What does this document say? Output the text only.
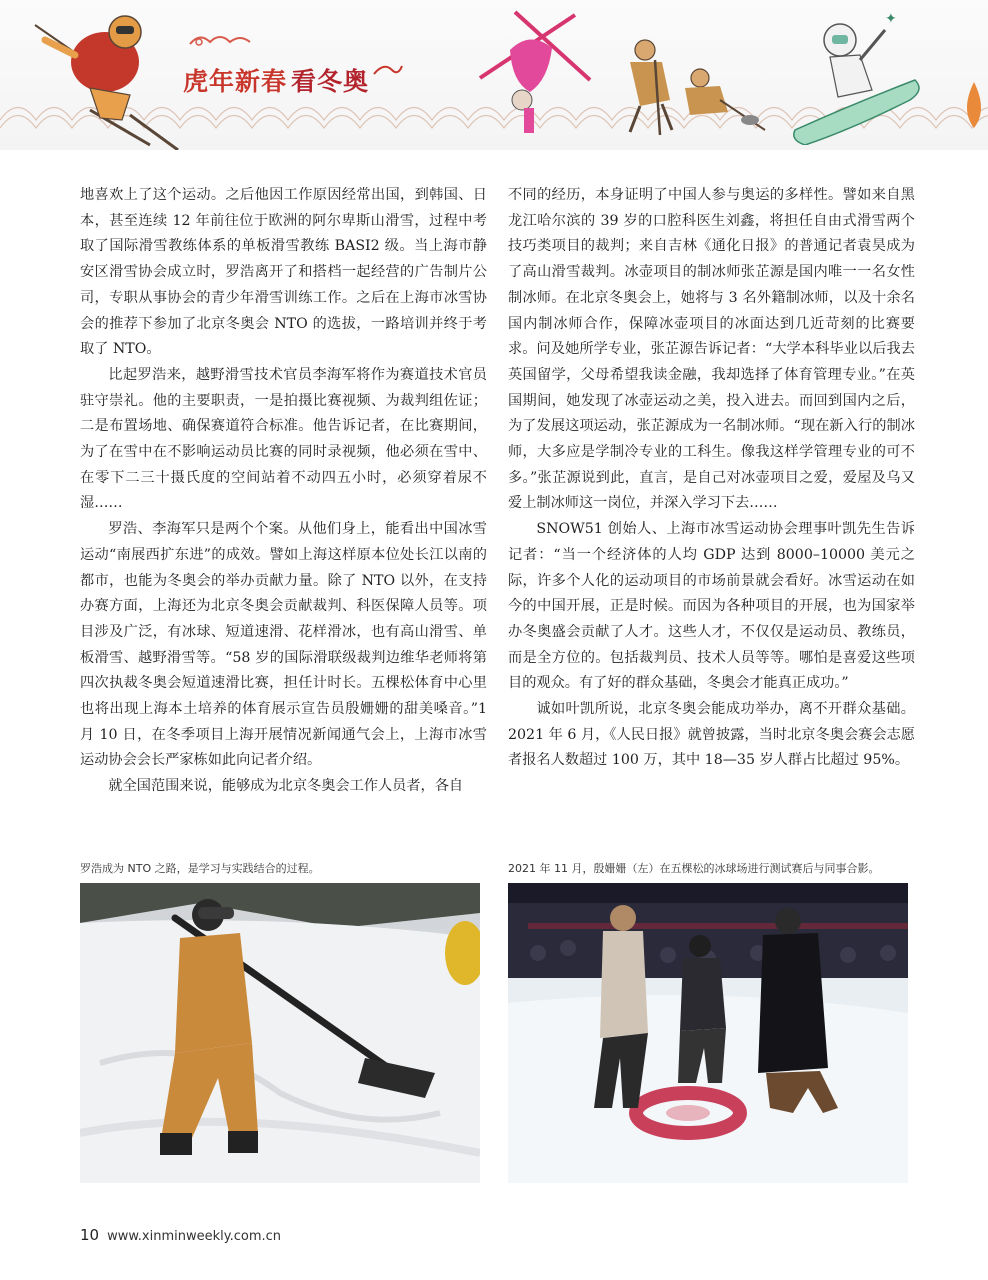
虎年新春 看冬奥
✦

地喜欢上了这个运动。之后他因工作原因经常出国，到韩国、日本，甚至连续 12 年前往位于欧洲的阿尔卑斯山滑雪，过程中考取了国际滑雪教练体系的单板滑雪教练 BASI2 级。当上海市静安区滑雪协会成立时，罗浩离开了和搭档一起经营的广告制片公司，专职从事协会的青少年滑雪训练工作。之后在上海市冰雪协会的推荐下参加了北京冬奥会 NTO 的选拔，一路培训并终于考取了 NTO。

比起罗浩来，越野滑雪技术官员李海军将作为赛道技术官员驻守崇礼。他的主要职责，一是拍摄比赛视频、为裁判组佐证；二是布置场地、确保赛道符合标准。他告诉记者，在比赛期间，为了在雪中在不影响运动员比赛的同时录视频，他必须在雪中、在零下二三十摄氏度的空间站着不动四五小时，必须穿着尿不湿……

罗浩、李海军只是两个个案。从他们身上，能看出中国冰雪运动“南展西扩东进”的成效。譬如上海这样原本位处长江以南的都市，也能为冬奥会的举办贡献力量。除了 NTO 以外，在支持办赛方面，上海还为北京冬奥会贡献裁判、科医保障人员等。项目涉及广泛，有冰球、短道速滑、花样滑冰，也有高山滑雪、单板滑雪、越野滑雪等。“58 岁的国际滑联级裁判边维华老师将第四次执裁冬奥会短道速滑比赛，担任计时长。五棵松体育中心里也将出现上海本土培养的体育展示宣告员殷姗姗的甜美嗓音。”1 月 10 日，在冬季项目上海开展情况新闻通气会上，上海市冰雪运动协会会长严家栋如此向记者介绍。

就全国范围来说，能够成为北京冬奥会工作人员者，各自

不同的经历，本身证明了中国人参与奥运的多样性。譬如来自黑龙江哈尔滨的 39 岁的口腔科医生刘鑫，将担任自由式滑雪两个技巧类项目的裁判；来自吉林《通化日报》的普通记者袁昊成为了高山滑雪裁判。冰壶项目的制冰师张芷源是国内唯一一名女性制冰师。在北京冬奥会上，她将与 3 名外籍制冰师，以及十余名国内制冰师合作，保障冰壶项目的冰面达到几近苛刻的比赛要求。问及她所学专业，张芷源告诉记者：“大学本科毕业以后我去英国留学，父母希望我读金融，我却选择了体育管理专业。”在英国期间，她发现了冰壶运动之美，投入进去。而回到国内之后，为了发展这项运动，张芷源成为一名制冰师。“现在新入行的制冰师，大多应是学制冷专业的工科生。像我这样学管理专业的可不多。”张芷源说到此，直言，是自己对冰壶项目之爱，爱屋及乌又爱上制冰师这一岗位，并深入学习下去……

SNOW51 创始人、上海市冰雪运动协会理事叶凯先生告诉记者：“当一个经济体的人均 GDP 达到 8000–10000 美元之际，许多个人化的运动项目的市场前景就会看好。冰雪运动在如今的中国开展，正是时候。而因为各种项目的开展，也为国家举办冬奥盛会贡献了人才。这些人才，不仅仅是运动员、教练员，而是全方位的。包括裁判员、技术人员等等。哪怕是喜爱这些项目的观众。有了好的群众基础，冬奥会才能真正成功。”

诚如叶凯所说，北京冬奥会能成功举办，离不开群众基础。2021 年 6 月，《人民日报》就曾披露，当时北京冬奥会赛会志愿者报名人数超过 100 万，其中 18—35 岁人群占比超过 95%。

罗浩成为 NTO 之路，是学习与实践结合的过程。	2021 年 11 月，殷姗姗（左）在五棵松的冰球场进行测试赛后与同事合影。
10 www.xinminweekly.com.cn
